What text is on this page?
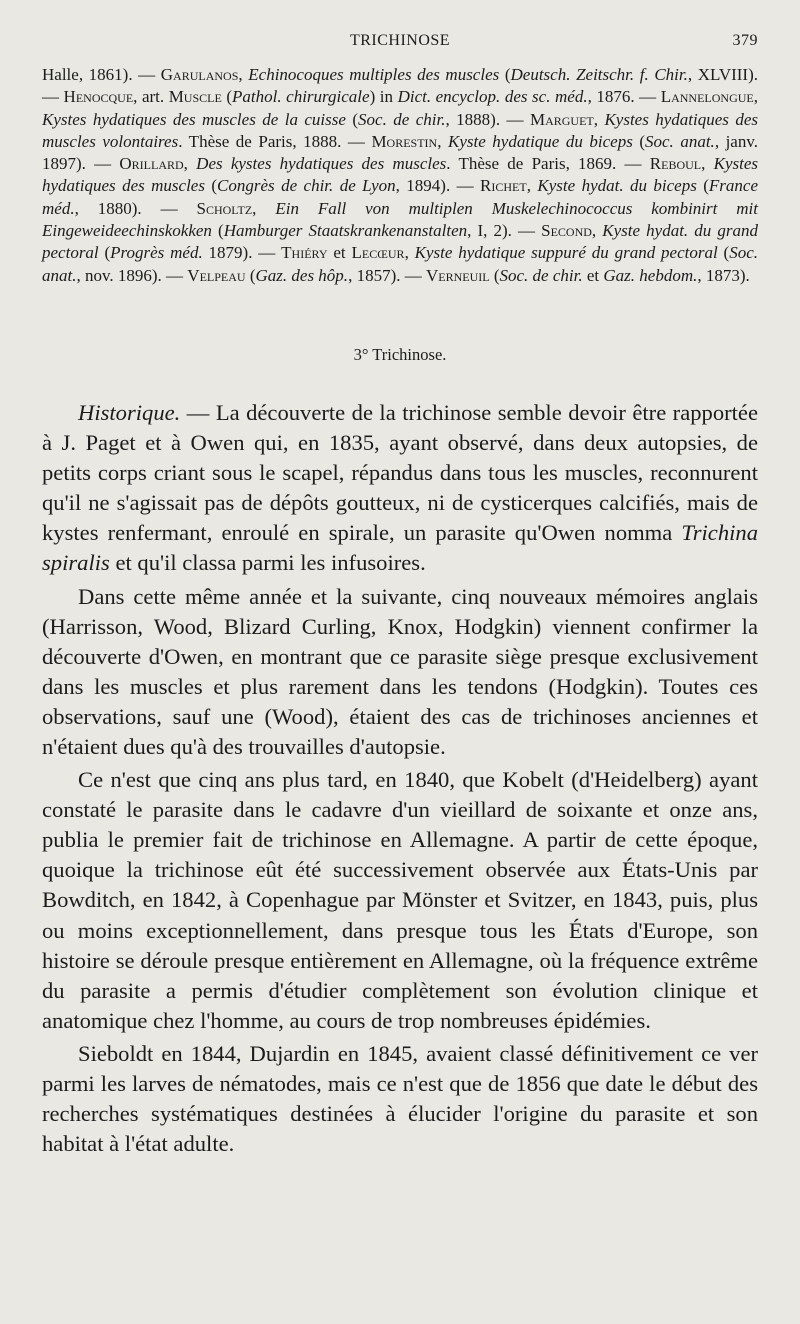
TRICHINOSE	379
Halle, 1861). — Garulanos, Echinocoques multiples des muscles (Deutsch. Zeitschr. f. Chir., XLVIII). — Henocque, art. Muscle (Pathol. chirurgicale) in Dict. encyclop. des sc. méd., 1876. — Lannelongue, Kystes hydatiques des muscles de la cuisse (Soc. de chir., 1888). — Marguet, Kystes hydatiques des muscles volontaires. Thèse de Paris, 1888. — Morestin, Kyste hydatique du biceps (Soc. anat., janv. 1897). — Orillard, Des kystes hydatiques des muscles. Thèse de Paris, 1869. — Reboul, Kystes hydatiques des muscles (Congrès de chir. de Lyon, 1894). — Richet, Kyste hydat. du biceps (France méd., 1880). — Scholtz, Ein Fall von multiplen Muskelechinococcus kombinirt mit Eingeweideechinskokken (Hamburger Staatskrankenanstalten, I, 2). — Second, Kyste hydat. du grand pectoral (Progrès méd. 1879). — Thiéry et Lecœur, Kyste hydatique suppuré du grand pectoral (Soc. anat., nov. 1896). — Velpeau (Gaz. des hôp., 1857). — Verneuil (Soc. de chir. et Gaz. hebdom., 1873).
3° Trichinose.

Historique. — La découverte de la trichinose semble devoir être rapportée à J. Paget et à Owen qui, en 1835, ayant observé, dans deux autopsies, de petits corps criant sous le scapel, répandus dans tous les muscles, reconnurent qu'il ne s'agissait pas de dépôts goutteux, ni de cysticerques calcifiés, mais de kystes renfermant, enroulé en spirale, un parasite qu'Owen nomma Trichina spiralis et qu'il classa parmi les infusoires.

Dans cette même année et la suivante, cinq nouveaux mémoires anglais (Harrisson, Wood, Blizard Curling, Knox, Hodgkin) viennent confirmer la découverte d'Owen, en montrant que ce parasite siège presque exclusivement dans les muscles et plus rarement dans les tendons (Hodgkin). Toutes ces observations, sauf une (Wood), étaient des cas de trichinoses anciennes et n'étaient dues qu'à des trouvailles d'autopsie.

Ce n'est que cinq ans plus tard, en 1840, que Kobelt (d'Heidelberg) ayant constaté le parasite dans le cadavre d'un vieillard de soixante et onze ans, publia le premier fait de trichinose en Allemagne. A partir de cette époque, quoique la trichinose eût été successivement observée aux États-Unis par Bowditch, en 1842, à Copenhague par Mönster et Svitzer, en 1843, puis, plus ou moins exceptionnellement, dans presque tous les États d'Europe, son histoire se déroule presque entièrement en Allemagne, où la fréquence extrême du parasite a permis d'étudier complètement son évolution clinique et anatomique chez l'homme, au cours de trop nombreuses épidémies.

Sieboldt en 1844, Dujardin en 1845, avaient classé définitivement ce ver parmi les larves de nématodes, mais ce n'est que de 1856 que date le début des recherches systématiques destinées à élucider l'origine du parasite et son habitat à l'état adulte.
